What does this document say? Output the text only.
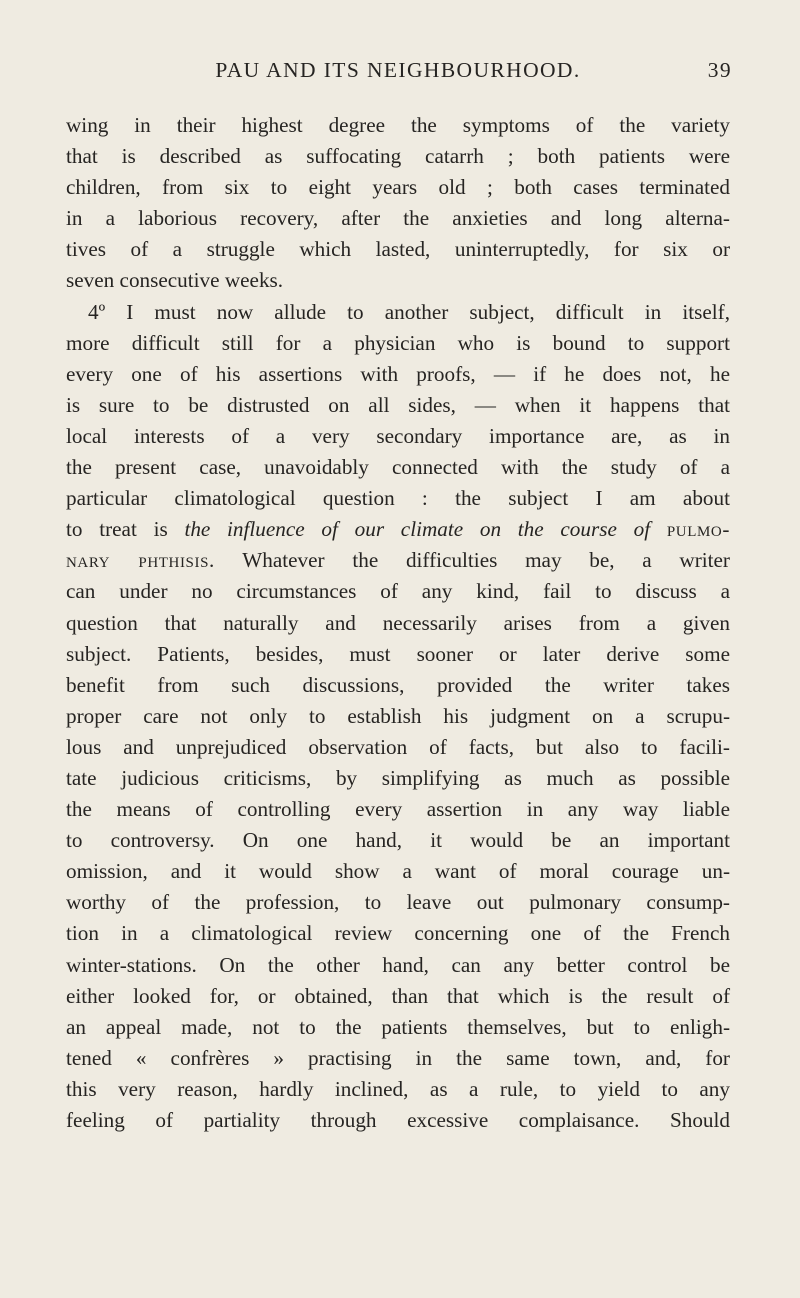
PAU AND ITS NEIGHBOURHOOD.	39
wing in their highest degree the symptoms of the variety
that is described as suffocating catarrh ; both patients were
children, from six to eight years old ; both cases terminated
in a laborious recovery, after the anxieties and long alterna-
tives of a struggle which lasted, uninterruptedly, for six or
seven consecutive weeks.
4º I must now allude to another subject, difficult in itself,
more difficult still for a physician who is bound to support
every one of his assertions with proofs, — if he does not, he
is sure to be distrusted on all sides, — when it happens that
local interests of a very secondary importance are, as in
the present case, unavoidably connected with the study of a
particular climatological question : the subject I am about
to treat is the influence of our climate on the course of pulmo-
nary phthisis. Whatever the difficulties may be, a writer
can under no circumstances of any kind, fail to discuss a
question that naturally and necessarily arises from a given
subject. Patients, besides, must sooner or later derive some
benefit from such discussions, provided the writer takes
proper care not only to establish his judgment on a scrupu-
lous and unprejudiced observation of facts, but also to facili-
tate judicious criticisms, by simplifying as much as possible
the means of controlling every assertion in any way liable
to controversy. On one hand, it would be an important
omission, and it would show a want of moral courage un-
worthy of the profession, to leave out pulmonary consump-
tion in a climatological review concerning one of the French
winter-stations. On the other hand, can any better control be
either looked for, or obtained, than that which is the result of
an appeal made, not to the patients themselves, but to enligh-
tened « confrères » practising in the same town, and, for
this very reason, hardly inclined, as a rule, to yield to any
feeling of partiality through excessive complaisance. Should
